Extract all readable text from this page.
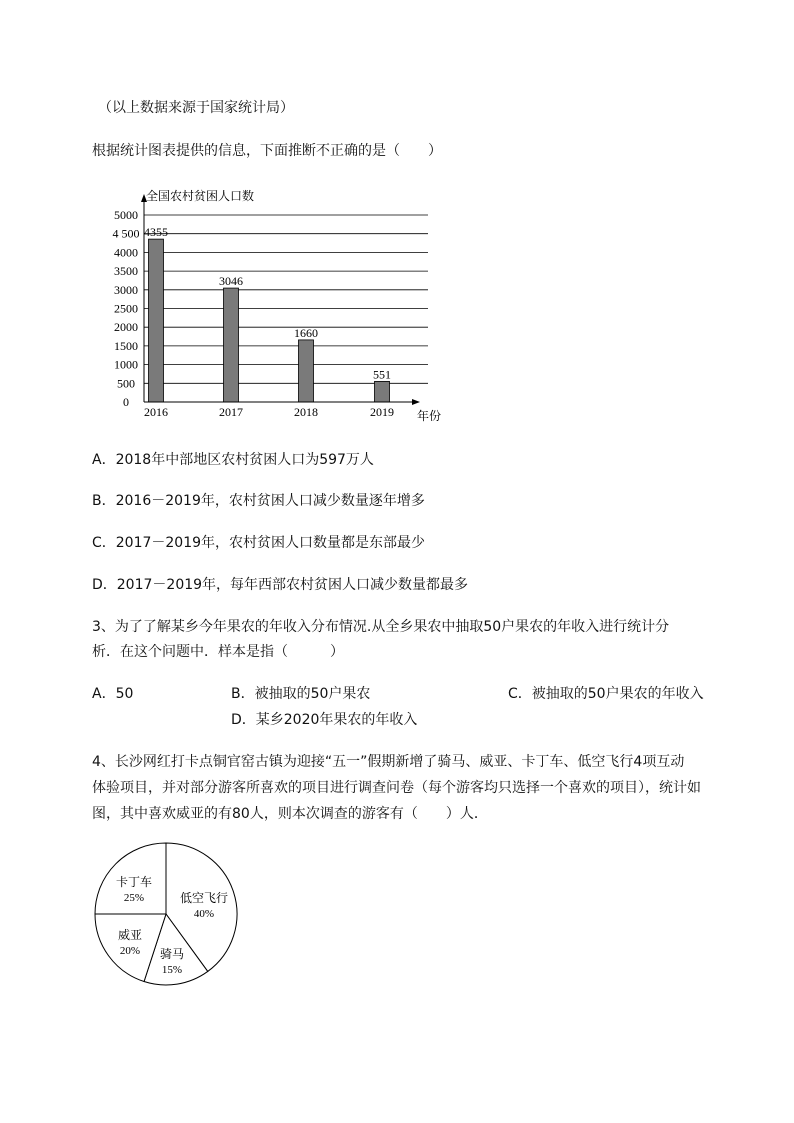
（以上数据来源于国家统计局）
根据统计图表提供的信息，下面推断不正确的是（　　）
0
500
1000
1500
2000
2500
3000
3500
4000
4 500
5000
4355
2016
3046
2017
1660
2018
551
2019
全国农村贫困人口数
年份
A．2018年中部地区农村贫困人口为597万人
B．2016－2019年，农村贫困人口减少数量逐年增多
C．2017－2019年，农村贫困人口数量都是东部最少
D．2017－2019年，每年西部农村贫困人口减少数量都最多
3、为了了解某乡今年果农的年收入分布情况.从全乡果农中抽取50户果农的年收入进行统计分
析．在这个问题中．样本是指（　　　）
A．50	B．被抽取的50户果农	C．被抽取的50户果农的年收入
D．某乡2020年果农的年收入
4、长沙网红打卡点铜官窑古镇为迎接“五一”假期新增了骑马、威亚、卡丁车、低空飞行4项互动
体验项目，并对部分游客所喜欢的项目进行调查问卷（每个游客均只选择一个喜欢的项目），统计如
图，其中喜欢威亚的有80人，则本次调查的游客有（　　）人．
低空飞行
40%
骑马
15%
威亚
20%
卡丁车
25%
